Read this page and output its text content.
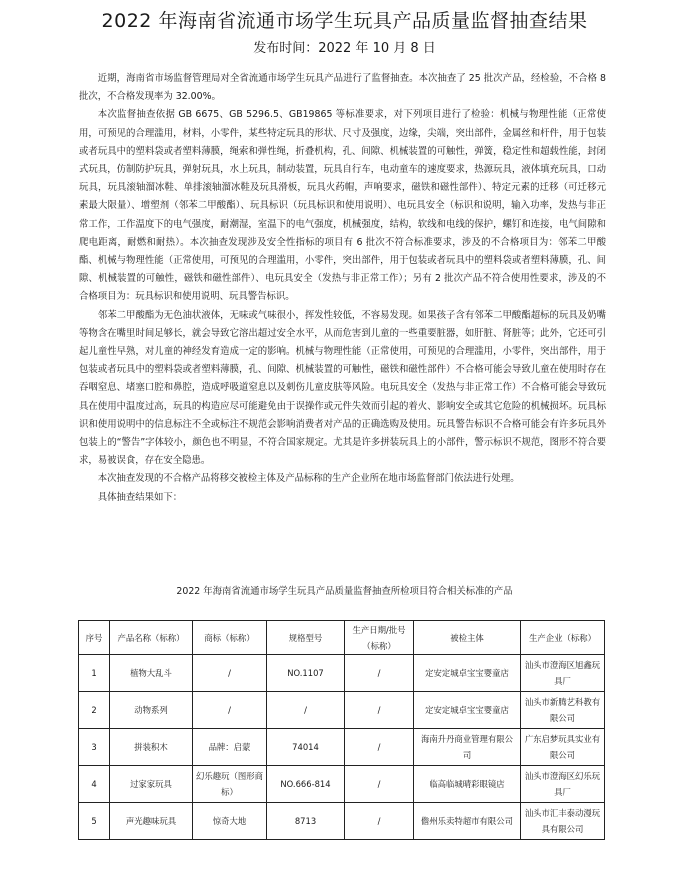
2022 年海南省流通市场学生玩具产品质量监督抽查结果
发布时间：2022 年 10 月 8 日

近期，海南省市场监督管理局对全省流通市场学生玩具产品进行了监督抽查。本次抽查了 25 批次产品，经检验，不合格 8 批次，不合格发现率为 32.00%。

本次监督抽查依据 GB 6675、GB 5296.5、GB19865 等标准要求，对下列项目进行了检验：机械与物理性能（正常使用，可预见的合理滥用，材料，小零件，某些特定玩具的形状、尺寸及强度，边缘，尖端，突出部件，金属丝和杆件，用于包装或者玩具中的塑料袋或者塑料薄膜，绳索和弹性绳，折叠机构，孔、间隙、机械装置的可触性，弹簧，稳定性和超载性能，封闭式玩具，仿制防护玩具，弹射玩具，水上玩具，制动装置，玩具自行车，电动童车的速度要求，热源玩具，液体填充玩具，口动玩具，玩具滚轴溜冰鞋、单排滚轴溜冰鞋及玩具滑板，玩具火药帽，声响要求，磁铁和磁性部件）、特定元素的迁移（可迁移元素最大限量）、增塑剂（邻苯二甲酸酯）、玩具标识（玩具标识和使用说明）、电玩具安全（标识和说明，输入功率，发热与非正常工作，工作温度下的电气强度，耐潮湿，室温下的电气强度，机械强度，结构，软线和电线的保护，螺钉和连接，电气间隙和爬电距离，耐燃和耐热）。本次抽查发现涉及安全性指标的项目有 6 批次不符合标准要求，涉及的不合格项目为：邻苯二甲酸酯、机械与物理性能（正常使用，可预见的合理滥用，小零件，突出部件，用于包装或者玩具中的塑料袋或者塑料薄膜，孔、间隙、机械装置的可触性，磁铁和磁性部件）、电玩具安全（发热与非正常工作）；另有 2 批次产品不符合使用性要求，涉及的不合格项目为：玩具标识和使用说明、玩具警告标识。

邻苯二甲酸酯为无色油状液体，无味或气味很小，挥发性较低，不容易发现。如果孩子含有邻苯二甲酸酯超标的玩具及奶嘴等物含在嘴里时间足够长，就会导致它溶出超过安全水平，从而危害到儿童的一些重要脏器，如肝脏、肾脏等；此外，它还可引起儿童性早熟，对儿童的神经发育造成一定的影响。机械与物理性能（正常使用，可预见的合理滥用，小零件，突出部件，用于包装或者玩具中的塑料袋或者塑料薄膜，孔、间隙、机械装置的可触性，磁铁和磁性部件）不合格可能会导致儿童在使用时存在吞咽窒息、堵塞口腔和鼻腔，造成呼吸道窒息以及刺伤儿童皮肤等风险。电玩具安全（发热与非正常工作）不合格可能会导致玩具在使用中温度过高，玩具的构造应尽可能避免由于误操作或元件失效而引起的着火、影响安全或其它危险的机械损坏。玩具标识和使用说明中的信息标注不全或标注不规范会影响消费者对产品的正确选购及使用。玩具警告标识不合格可能会有许多玩具外包装上的“警告”字体较小，颜色也不明显，不符合国家规定。尤其是许多拼装玩具上的小部件，警示标识不规范，图形不符合要求，易被误食，存在安全隐患。

本次抽查发现的不合格产品将移交被检主体及产品标称的生产企业所在地市场监督部门依法进行处理。

具体抽查结果如下：

2022 年海南省流通市场学生玩具产品质量监督抽查所检项目符合相关标准的产品
序号	产品名称（标称）	商标（标称）	规格型号	生产日期/批号（标称）	被检主体	生产企业（标称）
1	植物大乱斗	/	NO.1107	/	定安定城卓宝宝婴童店	汕头市澄海区旭鑫玩具厂
2	动物系列	/	/	/	定安定城卓宝宝婴童店	汕头市新腾艺科教有限公司
3	拼装积木	品牌：启蒙	74014	/	海南升丹商业管理有限公司	广东启梦玩具实业有限公司
4	过家家玩具	幻乐趣玩（图形商标）	NO.666-814	/	临高临城晴彩眼镜店	汕头市澄海区幻乐玩具厂
5	声光趣味玩具	惊奇大地	8713	/	儋州乐卖特超市有限公司	汕头市汇丰泰动漫玩具有限公司
